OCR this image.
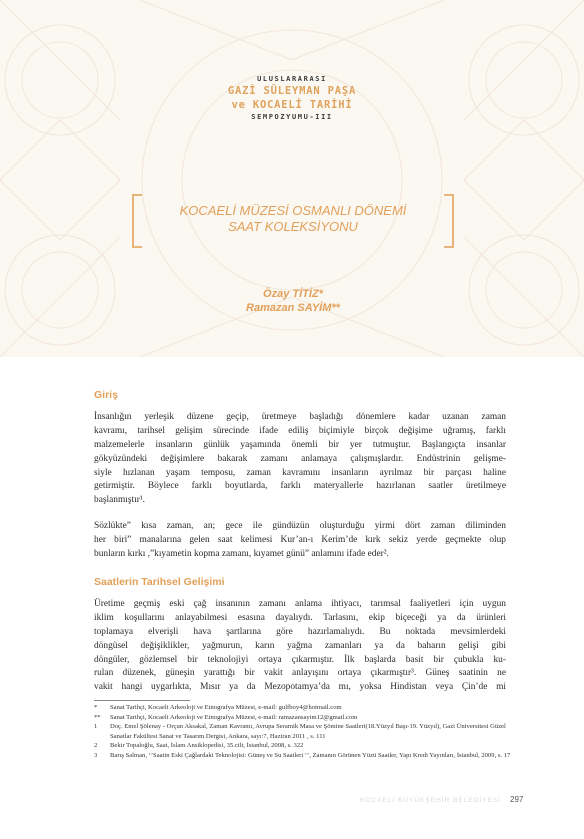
ULUSLARARASI
GAZİ SÜLEYMAN PAŞA
ve KOCAELİ TARİHİ
SEMPOZYUMU-III
KOCAELİ MÜZESİ OSMANLI DÖNEMİ
SAAT KOLEKSİYONU
Özay TİTİZ*
Ramazan SAYİM**
Giriş
İnsanlığın yerleşik düzene geçip, üretmeye başladığı dönemlere kadar uzanan zaman
kavramı, tarihsel gelişim sürecinde ifade ediliş biçimiyle birçok değişime uğramış, farklı
malzemelerle insanların günlük yaşamında önemli bir yer tutmuştur. Başlangıçta insanlar
gökyüzündeki değişimlere bakarak zamanı anlamaya çalışmışlardır. Endüstrinin gelişme-
siyle hızlanan yaşam temposu, zaman kavramını insanların ayrılmaz bir parçası haline
getirmiştir. Böylece farklı boyutlarda, farklı materyallerle hazırlanan saatler üretilmeye
başlanmıştır¹.
Sözlükte” kısa zaman, an; gece ile gündüzün oluşturduğu yirmi dört zaman diliminden
her biri” manalarına gelen saat kelimesi Kur’an-ı Kerim’de kırk sekiz yerde geçmekte olup
bunların kırkı ,”kıyametin kopma zamanı, kıyamet günü” anlamını ifade eder².
Saatlerin Tarihsel Gelişimi
Üretime geçmiş eski çağ insanının zamanı anlama ihtiyacı, tarımsal faaliyetleri için uygun
iklim koşullarını anlayabilmesi esasına dayalıydı. Tarlasını, ekip biçeceği ya da ürünleri
toplamaya elverişli hava şartlarına göre hazırlamalıydı. Bu noktada mevsimlerdeki
döngüsel değişiklikler, yağmurun, karın yağma zamanları ya da baharın gelişi gibi
döngüler, gözlemsel bir teknolojiyi ortaya çıkarmıştır. İlk başlarda basit bir çubukla ku-
rulan düzenek, güneşin yarattığı bir vakit anlayışını ortaya çıkarmıştır³. Güneş saatinin ne
vakit hangi uygarlıkta, Mısır ya da Mezopotamya’da mı, yoksa Hindistan veya Çin’de mi
*	Sanat Tarihçi, Kocaeli Arkeoloji ve Etnografya Müzesi, e-mail: gulfboy4@hotmail.com
**	Sanat Tarihçi, Kocaeli Arkeoloji ve Etnografya Müzesi, e-mail: ramazansayim12@gmail.com
1	Doç. Emel Şölenay - Orçun Aksakal, Zaman Kavramı, Avrupa Seramik Masa ve Şömine Saatleri(18.Yüzyıl Başı-19. Yüzyıl), Gazi Üniversitesi Güzel Sanatlar Fakültesi Sanat ve Tasarım Dergisi, Ankara, sayı:7, Haziran 2011 , s. 111
2	Bekir Topaloğlu, Saat, İslam Ansiklopedisi, 35.cilt, İstanbul, 2008, s. 322
3	Barış Salman, ‘’Saatin Eski Çağlardaki Teknolojisi: Güneş ve Su Saatleri ‘’, Zamanın Görünen Yüzü Saatler, Yapı Kredi Yayınları, İstanbul, 2009, s. 17
KOCAELİ BÜYÜKŞEHİR BELEDİYESİ 297
